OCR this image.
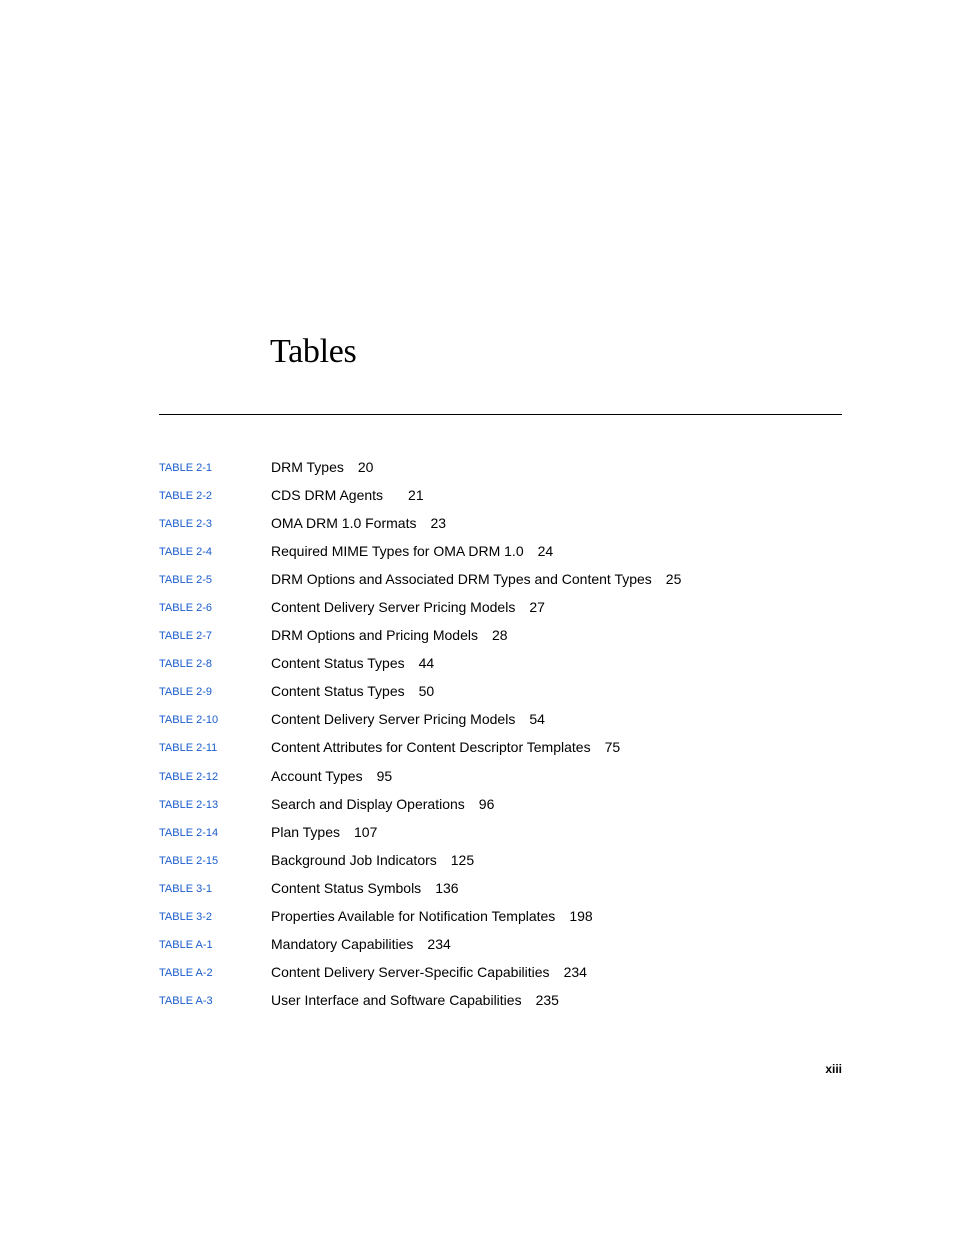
Tables
TABLE 2-1	DRM Types 20
TABLE 2-2	CDS DRM Agents 21
TABLE 2-3	OMA DRM 1.0 Formats 23
TABLE 2-4	Required MIME Types for OMA DRM 1.0 24
TABLE 2-5	DRM Options and Associated DRM Types and Content Types 25
TABLE 2-6	Content Delivery Server Pricing Models 27
TABLE 2-7	DRM Options and Pricing Models 28
TABLE 2-8	Content Status Types 44
TABLE 2-9	Content Status Types 50
TABLE 2-10	Content Delivery Server Pricing Models 54
TABLE 2-11	Content Attributes for Content Descriptor Templates 75
TABLE 2-12	Account Types 95
TABLE 2-13	Search and Display Operations 96
TABLE 2-14	Plan Types 107
TABLE 2-15	Background Job Indicators 125
TABLE 3-1	Content Status Symbols 136
TABLE 3-2	Properties Available for Notification Templates 198
TABLE A-1	Mandatory Capabilities 234
TABLE A-2	Content Delivery Server-Specific Capabilities 234
TABLE A-3	User Interface and Software Capabilities 235
xiii
